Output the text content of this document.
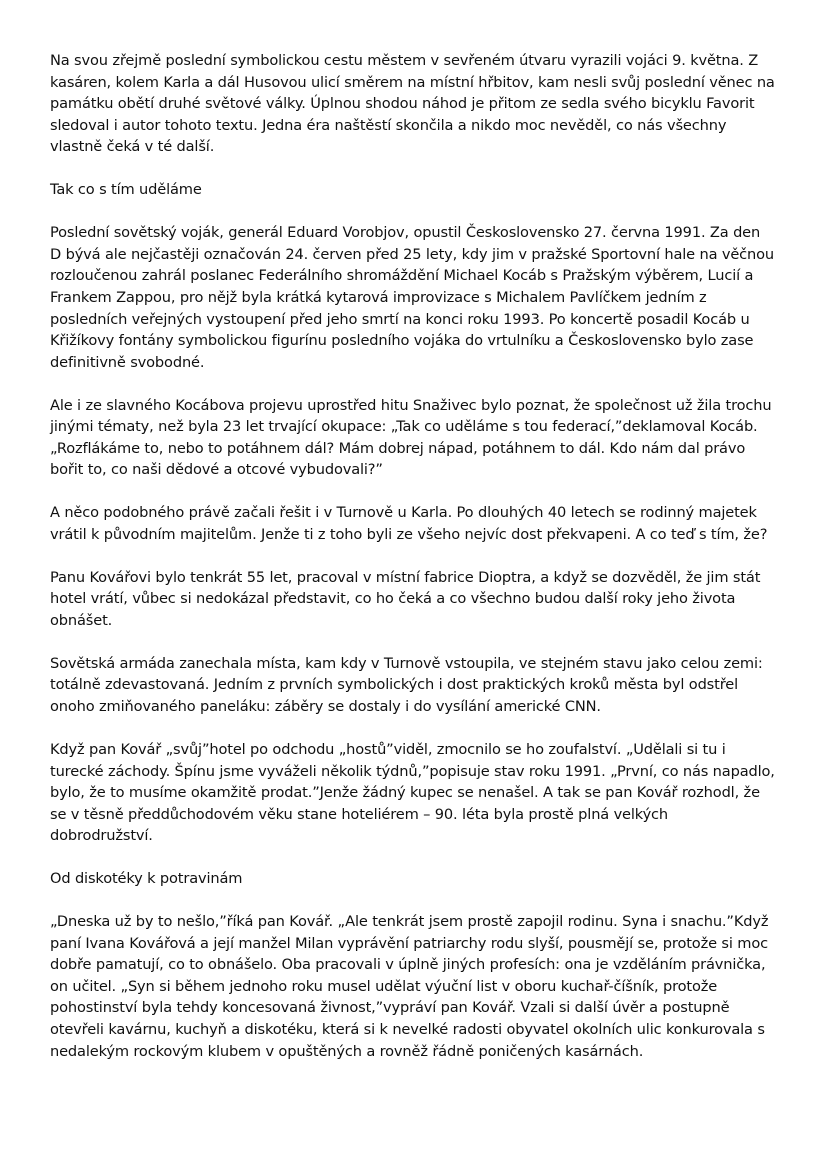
Na svou zřejmě poslední symbolickou cestu městem v sevřeném útvaru vyrazili vojáci 9. května. Z kasáren, kolem Karla a dál Husovou ulicí směrem na místní hřbitov, kam nesli svůj poslední věnec na památku obětí druhé světové války. Úplnou shodou náhod je přitom ze sedla svého bicyklu Favorit sledoval i autor tohoto textu. Jedna éra naštěstí skončila a nikdo moc nevěděl, co nás všechny vlastně čeká v té další.

Tak co s tím uděláme

Poslední sovětský voják, generál Eduard Vorobjov, opustil Československo 27. června 1991. Za den D bývá ale nejčastěji označován 24. červen před 25 lety, kdy jim v pražské Sportovní hale na věčnou rozloučenou zahrál poslanec Federálního shromáždění Michael Kocáb s Pražským výběrem, Lucií a Frankem Zappou, pro nějž byla krátká kytarová improvizace s Michalem Pavlíčkem jedním z posledních veřejných vystoupení před jeho smrtí na konci roku 1993. Po koncertě posadil Kocáb u Křižíkovy fontány symbolickou figurínu posledního vojáka do vrtulníku a Československo bylo zase definitivně svobodné.

Ale i ze slavného Kocábova projevu uprostřed hitu Snaživec bylo poznat, že společnost už žila trochu jinými tématy, než byla 23 let trvající okupace: „Tak co uděláme s tou federací,”deklamoval Kocáb. „Rozflákáme to, nebo to potáhnem dál? Mám dobrej nápad, potáhnem to dál. Kdo nám dal právo bořit to, co naši dědové a otcové vybudovali?”

A něco podobného právě začali řešit i v Turnově u Karla. Po dlouhých 40 letech se rodinný majetek vrátil k původním majitelům. Jenže ti z toho byli ze všeho nejvíc dost překvapeni. A co teď s tím, že?

Panu Kovářovi bylo tenkrát 55 let, pracoval v místní fabrice Dioptra, a když se dozvěděl, že jim stát hotel vrátí, vůbec si nedokázal představit, co ho čeká a co všechno budou další roky jeho života obnášet.

Sovětská armáda zanechala místa, kam kdy v Turnově vstoupila, ve stejném stavu jako celou zemi: totálně zdevastovaná. Jedním z prvních symbolických i dost praktických kroků města byl odstřel onoho zmiňovaného paneláku: záběry se dostaly i do vysílání americké CNN.

Když pan Kovář „svůj”hotel po odchodu „hostů”viděl, zmocnilo se ho zoufalství. „Udělali si tu i turecké záchody. Špínu jsme vyváželi několik týdnů,”popisuje stav roku 1991. „První, co nás napadlo, bylo, že to musíme okamžitě prodat.”Jenže žádný kupec se nenašel. A tak se pan Kovář rozhodl, že se v těsně předdůchodovém věku stane hoteliérem – 90. léta byla prostě plná velkých dobrodružství.

Od diskotéky k potravinám

„Dneska už by to nešlo,”říká pan Kovář. „Ale tenkrát jsem prostě zapojil rodinu. Syna i snachu.”Když paní Ivana Kovářová a její manžel Milan vyprávění patriarchy rodu slyší, pousmějí se, protože si moc dobře pamatují, co to obnášelo. Oba pracovali v úplně jiných profesích: ona je vzděláním právnička, on učitel. „Syn si během jednoho roku musel udělat výuční list v oboru kuchař-číšník, protože pohostinství byla tehdy koncesovaná živnost,”vypráví pan Kovář. Vzali si další úvěr a postupně otevřeli kavárnu, kuchyň a diskotéku, která si k nevelké radosti obyvatel okolních ulic konkurovala s nedalekým rockovým klubem v opuštěných a rovněž řádně poničených kasárnách.
